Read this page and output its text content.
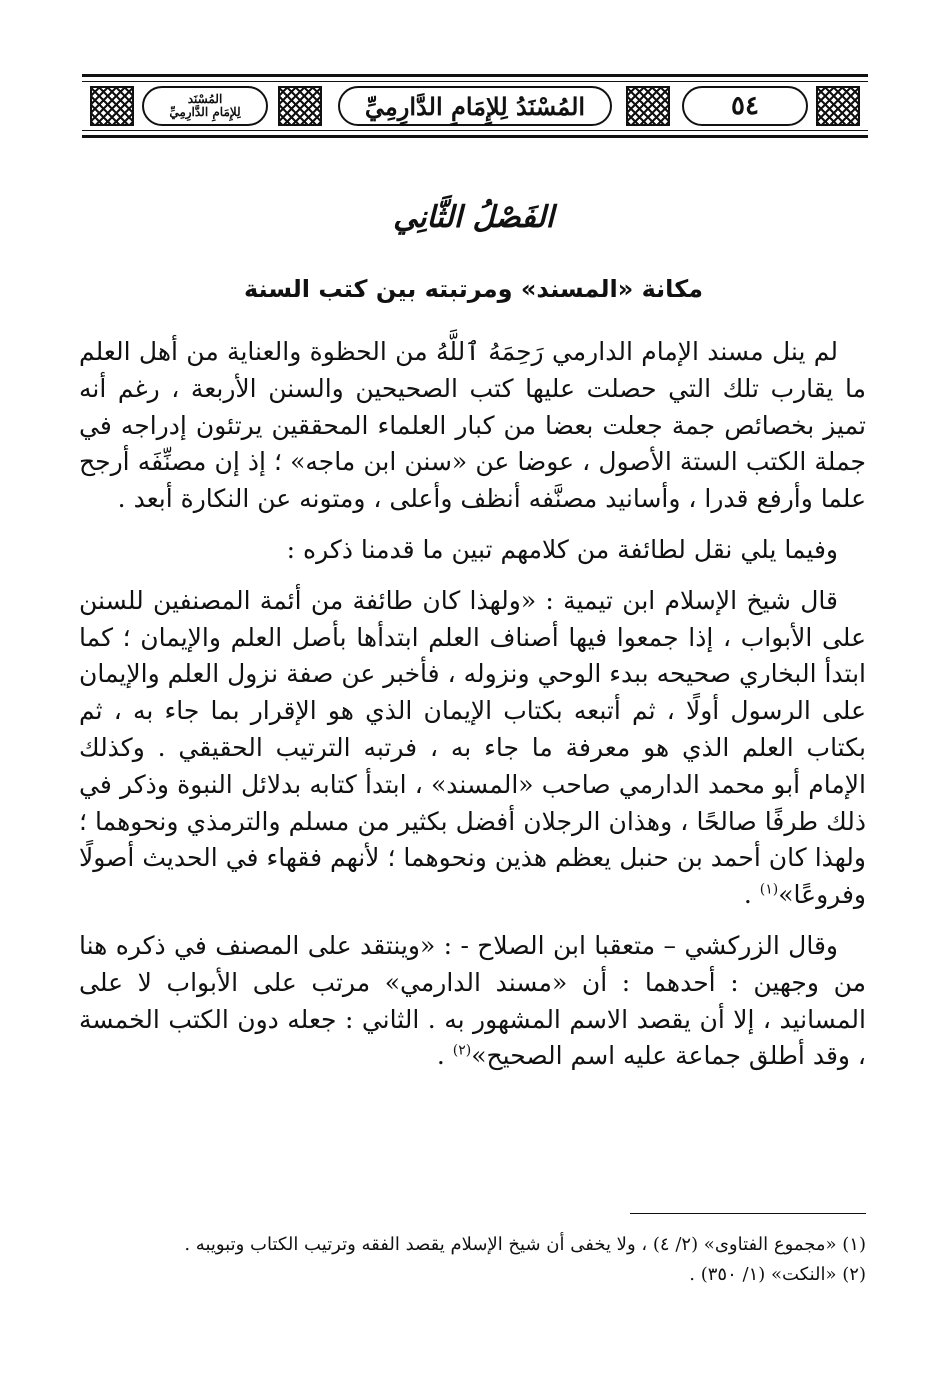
٥٤
المُسْنَدُ لِلإِمَامِ الدَّارِمِيِّ
المُسْنَد
لِلإِمَامِ الدَّارِمِيِّ
الفَصْلُ الثَّانِي
مكانة «المسند» ومرتبته بين كتب السنة

لم ينل مسند الإمام الدارمي رَحِمَهُ ٱللَّهُ من الحظوة والعناية من أهل العلم ما يقارب تلك التي حصلت عليها كتب الصحيحين والسنن الأربعة ، رغم أنه تميز بخصائص جمة جعلت بعضا من كبار العلماء المحققين يرتئون إدراجه في جملة الكتب الستة الأصول ، عوضا عن «سنن ابن ماجه» ؛ إذ إن مصنِّفَه أرجح علما وأرفع قدرا ، وأسانيد مصنَّفه أنظف وأعلى ، ومتونه عن النكارة أبعد .

وفيما يلي نقل لطائفة من كلامهم تبين ما قدمنا ذكره :

قال شيخ الإسلام ابن تيمية : «ولهذا كان طائفة من أئمة المصنفين للسنن على الأبواب ، إذا جمعوا فيها أصناف العلم ابتدأها بأصل العلم والإيمان ؛ كما ابتدأ البخاري صحيحه ببدء الوحي ونزوله ، فأخبر عن صفة نزول العلم والإيمان على الرسول أولًا ، ثم أتبعه بكتاب الإيمان الذي هو الإقرار بما جاء به ، ثم بكتاب العلم الذي هو معرفة ما جاء به ، فرتبه الترتيب الحقيقي . وكذلك الإمام أبو محمد الدارمي صاحب «المسند» ، ابتدأ كتابه بدلائل النبوة وذكر في ذلك طرفًا صالحًا ، وهذان الرجلان أفضل بكثير من مسلم والترمذي ونحوهما ؛ ولهذا كان أحمد بن حنبل يعظم هذين ونحوهما ؛ لأنهم فقهاء في الحديث أصولًا وفروعًا»$^{(١)}$ .

وقال الزركشي – متعقبا ابن الصلاح - : «وينتقد على المصنف في ذكره هنا من وجهين : أحدهما : أن «مسند الدارمي» مرتب على الأبواب لا على المسانيد ، إلا أن يقصد الاسم المشهور به . الثاني : جعله دون الكتب الخمسة ، وقد أطلق جماعة عليه اسم الصحيح»$^{(٢)}$ .

(١) «مجموع الفتاوى» (٢/ ٤) ، ولا يخفى أن شيخ الإسلام يقصد الفقه وترتيب الكتاب وتبويبه .
(٢) «النكت» (١/ ٣٥٠) .
